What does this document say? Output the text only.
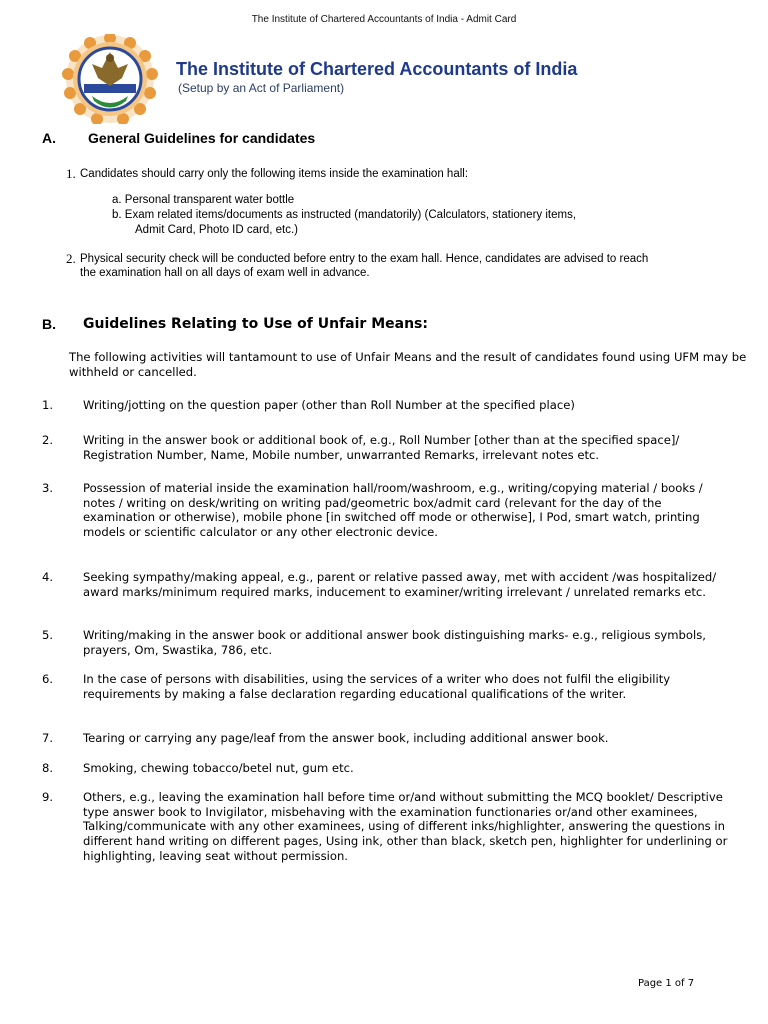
The Institute of Chartered Accountants of India - Admit Card
The Institute of Chartered Accountants of India
(Setup by an Act of Parliament)
A. General Guidelines for candidates
1. Candidates should carry only the following items inside the examination hall:
a. Personal transparent water bottle
b. Exam related items/documents as instructed (mandatorily) (Calculators, stationery items,
Admit Card, Photo ID card, etc.)
2. Physical security check will be conducted before entry to the exam hall. Hence, candidates are advised to reach
the examination hall on all days of exam well in advance.
B. Guidelines Relating to Use of Unfair Means:
The following activities will tantamount to use of Unfair Means and the result of candidates found using UFM may be withheld or cancelled.
1.	Writing/jotting on the question paper (other than Roll Number at the specified place)
2.	Writing in the answer book or additional book of, e.g., Roll Number [other than at the specified space]/ Registration Number, Name, Mobile number, unwarranted Remarks, irrelevant notes etc.
3.	Possession of material inside the examination hall/room/washroom, e.g., writing/copying material / books / notes / writing on desk/writing on writing pad/geometric box/admit card (relevant for the day of the examination or otherwise), mobile phone [in switched off mode or otherwise], I Pod, smart watch, printing models or scientific calculator or any other electronic device.
4.	Seeking sympathy/making appeal, e.g., parent or relative passed away, met with accident /was hospitalized/ award marks/minimum required marks, inducement to examiner/writing irrelevant / unrelated remarks etc.
5.	Writing/making in the answer book or additional answer book distinguishing marks- e.g., religious symbols, prayers, Om, Swastika, 786, etc.
6.	In the case of persons with disabilities, using the services of a writer who does not fulfil the eligibility requirements by making a false declaration regarding educational qualifications of the writer.
7.	Tearing or carrying any page/leaf from the answer book, including additional answer book.
8.	Smoking, chewing tobacco/betel nut, gum etc.
9.	Others, e.g., leaving the examination hall before time or/and without submitting the MCQ booklet/ Descriptive type answer book to Invigilator, misbehaving with the examination functionaries or/and other examinees, Talking/communicate with any other examinees, using of different inks/highlighter, answering the questions in different hand writing on different pages, Using ink, other than black, sketch pen, highlighter for underlining or highlighting, leaving seat without permission.
Page 1 of 7
